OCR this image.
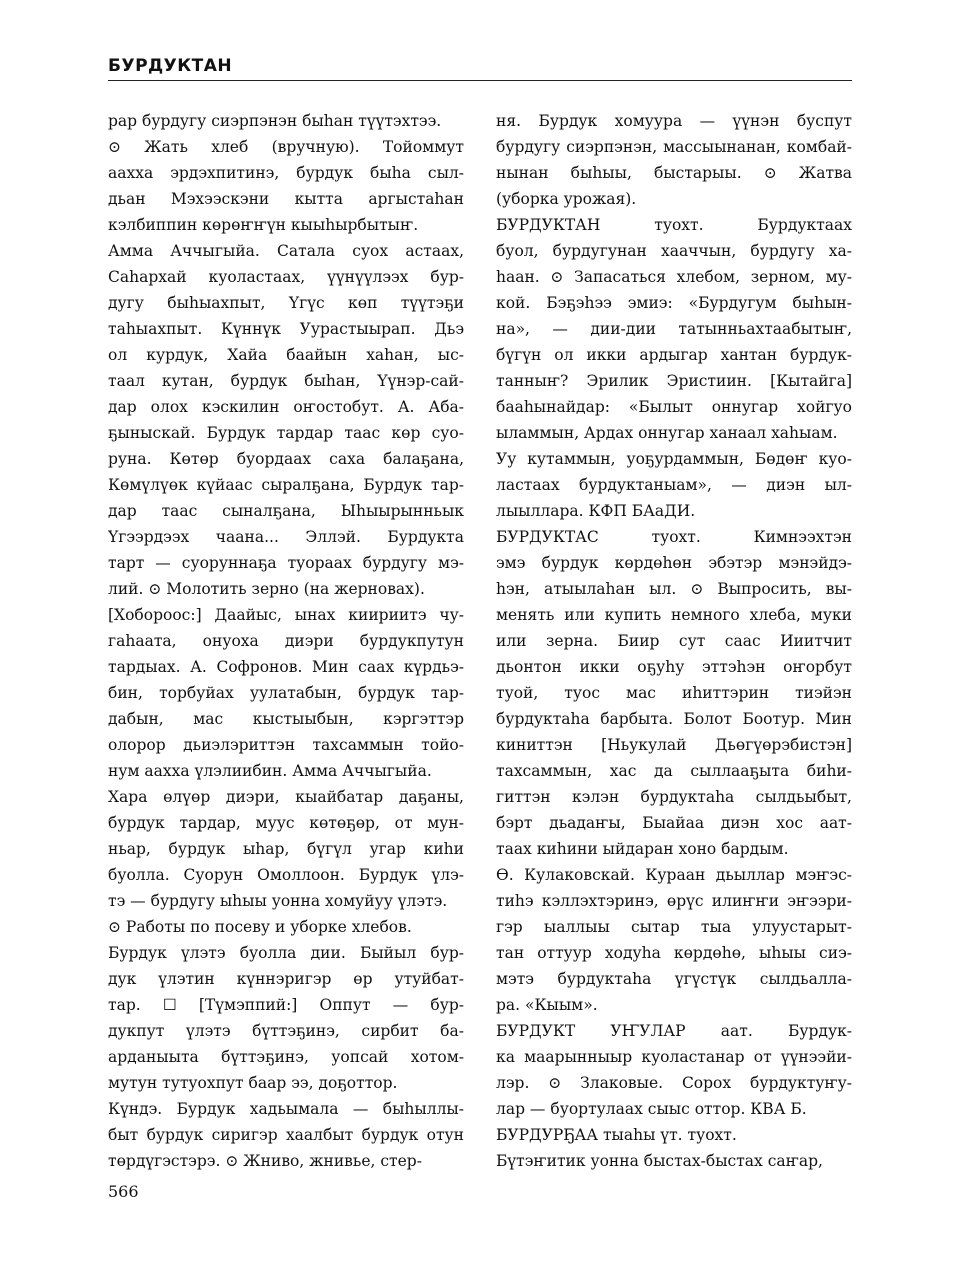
БУРДУКТАН
рар бурдугу сиэрпэнэн быhан түүтэхтээ.
⊙ Жать хлеб (вручную). Тойоммут
аахха эрдэхпитинэ, бурдук быhа сыл-
дьан Мэхээскэни кытта аргыстаhан
кэлбиппин көрөҥҥүн кыыhырбытыҥ.
Амма Аччыгыйа. Сатала суох астаах,
Саhархай куоластаах, үүнүүлээх бур-
дугу быhыахпыт, Үгүс көп түүтэҕи
таhыахпыт. Күннүк Уурастыырап. Дьэ
ол курдук, Хайа баайын хаhан, ыс-
таал кутан, бурдук быhан, Үүнэр-сай-
дар олох кэскилин оҥостобут. А. Аба-
ҕыныскай. Бурдук тардар таас көр суо-
руна. Көтөр буордаах саха балаҕана,
Көмүлүөк күйаас сыралҕана, Бурдук тар-
дар таас сыналҕана, Ыhыырынньык
Үгээрдээх чаана... Эллэй. Бурдукта
тарт — суоруннаҕа туораах бурдугу мэ-
лий. ⊙ Молотить зерно (на жерновах).
[Хобороос:] Даайыс, ынах киириитэ чу-
гаhаата, онуоха диэри бурдукпутун
тардыах. А. Софронов. Мин саах күрдьэ-
бин, торбуйах уулатабын, бурдук тар-
дабын, мас кыстыыбын, кэргэттэр
олорор дьиэлэриттэн тахсаммын тойо-
нум аахха үлэлиибин. Амма Аччыгыйа.
Хара өлүөр диэри, кыайбатар даҕаны,
бурдук тардар, муус көтөҕөр, от мун-
ньар, бурдук ыhар, бүгүл угар киhи
буолла. Суорун Омоллоон. Бурдук үлэ-
тэ — бурдугу ыhыы уонна хомуйуу үлэтэ.
⊙ Работы по посеву и уборке хлебов.
Бурдук үлэтэ буолла дии. Быйыл бур-
дук үлэтин күннэригэр өр утуйбат-
тар. ☐ [Түмэппий:] Оппут — бур-
дукпут үлэтэ бүттэҕинэ, сирбит ба-
арданыыта бүттэҕинэ, уопсай хотом-
мутун тутуохпут баар ээ, доҕоттор.
Күндэ. Бурдук хадьымала — быhыллы-
быт бурдук сиригэр хаалбыт бурдук отун
төрдүгэстэрэ. ⊙ Жниво, жнивье, стер-
ня. Бурдук хомуура — үүнэн буспут
бурдугу сиэрпэнэн, массыынанан, комбай-
нынан быhыы, быстарыы. ⊙ Жатва
(уборка урожая).
БУРДУКТАН туохт. Бурдуктаах
буол, бурдугунан хааччын, бурдугу ха-
hаан. ⊙ Запасаться хлебом, зерном, му-
кой. Бэҕэhээ эмиэ: «Бурдугум быhын-
на», — дии-дии татынньахтаабытыҥ,
бүгүн ол икки ардыгар хантан бурдук-
танныҥ? Эрилик Эристиин. [Кытайга]
бааhынайдар: «Былыт оннугар хойгуо
ыламмын, Ардах оннугар ханаал хаhыам.
Уу кутаммын, уоҕурдаммын, Бөдөҥ куо-
ластаах бурдуктаныам», — диэн ыл-
лыыллара. КФП БАаДИ.
БУРДУКТАС туохт. Кимнээхтэн
эмэ бурдук көрдөhөн эбэтэр мэнэйдэ-
hэн, атыылаhан ыл. ⊙ Выпросить, вы-
менять или купить немного хлеба, муки
или зерна. Биир сут саас Ииитчит
дьонтон икки оҕуhу эттэhэн оҥорбут
туой, туос мас иhиттэрин тиэйэн
бурдуктаhа барбыта. Болот Боотур. Мин
киниттэн [Ньукулай Дьөгүөрэбистэн]
тахсаммын, хас да сыллааҕыта биhи-
гиттэн кэлэн бурдуктаhа сылдьыбыт,
бэрт дьадаҥы, Быайаа диэн хос аат-
таах киhини ыйдаран хоно бардым.
Ө. Кулаковскай. Кураан дьыллар мэҥэс-
тиhэ кэллэхтэринэ, өрүс илиҥҥи эҥээри-
гэр ыаллыы сытар тыа улуустарыт-
тан оттуур ходуhа көрдөhө, ыhыы сиэ-
мэтэ бурдуктаhа үгүстүк сылдьаллa-
ра. «Кыым».
БУРДУКТ УҤУЛАР аат. Бурдук-
ка маарынныыр куоластанар от үүнээйи-
лэр. ⊙ Злаковые. Сорох бурдуктуҥу-
лар — буортулаах сыыс оттор. КВА Б.
БУРДУРҔАА тыаhы үт. туохт.
Бүтэҥитик уонна быстах-быстах саҥар,
566
